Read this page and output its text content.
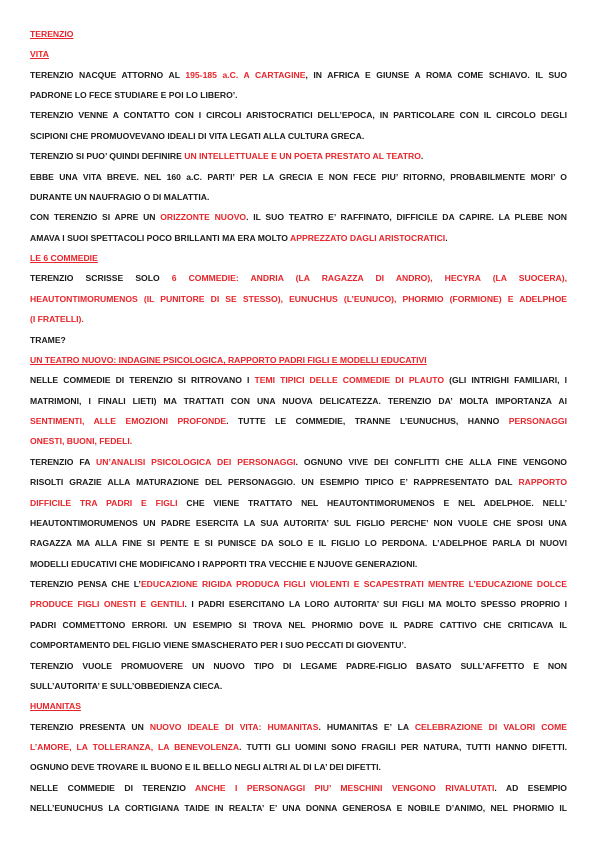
TERENZIO
VITA
TERENZIO NACQUE ATTORNO AL 195-185 a.C. A CARTAGINE, IN AFRICA E GIUNSE A ROMA COME SCHIAVO. IL SUO
PADRONE LO FECE STUDIARE E POI LO LIBERO’.
TERENZIO VENNE A CONTATTO CON I CIRCOLI ARISTOCRATICI DELL’EPOCA, IN PARTICOLARE CON IL CIRCOLO DEGLI
SCIPIONI CHE PROMUOVEVANO IDEALI DI VITA LEGATI ALLA CULTURA GRECA.
TERENZIO SI PUO’ QUINDI DEFINIRE UN INTELLETTUALE E UN POETA PRESTATO AL TEATRO.
EBBE UNA VITA BREVE. NEL 160 a.C. PARTI’ PER LA GRECIA E NON FECE PIU’ RITORNO, PROBABILMENTE MORI’ O
DURANTE UN NAUFRAGIO O DI MALATTIA.
CON TERENZIO SI APRE UN ORIZZONTE NUOVO. IL SUO TEATRO E’ RAFFINATO, DIFFICILE DA CAPIRE. LA PLEBE NON
AMAVA I SUOI SPETTACOLI POCO BRILLANTI MA ERA MOLTO APPREZZATO DAGLI ARISTOCRATICI.
LE 6 COMMEDIE
TERENZIO SCRISSE SOLO 6 COMMEDIE: ANDRIA (LA RAGAZZA DI ANDRO), HECYRA (LA SUOCERA),
HEAUTONTIMORUMENOS (IL PUNITORE DI SE STESSO), EUNUCHUS (L’EUNUCO), PHORMIO (FORMIONE) E ADELPHOE
(I FRATELLI).
TRAME?
UN TEATRO NUOVO: INDAGINE PSICOLOGICA, RAPPORTO PADRI FIGLI E MODELLI EDUCATIVI
NELLE COMMEDIE DI TERENZIO SI RITROVANO I TEMI TIPICI DELLE COMMEDIE DI PLAUTO (GLI INTRIGHI FAMILIARI, I
MATRIMONI, I FINALI LIETI) MA TRATTATI CON UNA NUOVA DELICATEZZA. TERENZIO DA’ MOLTA IMPORTANZA AI
SENTIMENTI, ALLE EMOZIONI PROFONDE. TUTTE LE COMMEDIE, TRANNE L’EUNUCHUS, HANNO PERSONAGGI
ONESTI, BUONI, FEDELI.
TERENZIO FA UN’ANALISI PSICOLOGICA DEI PERSONAGGI. OGNUNO VIVE DEI CONFLITTI CHE ALLA FINE VENGONO
RISOLTI GRAZIE ALLA MATURAZIONE DEL PERSONAGGIO. UN ESEMPIO TIPICO E’ RAPPRESENTATO DAL RAPPORTO
DIFFICILE TRA PADRI E FIGLI CHE VIENE TRATTATO NEL HEAUTONTIMORUMENOS E NEL ADELPHOE. NELL’
HEAUTONTIMORUMENOS UN PADRE ESERCITA LA SUA AUTORITA’ SUL FIGLIO PERCHE’ NON VUOLE CHE SPOSI UNA
RAGAZZA MA ALLA FINE SI PENTE E SI PUNISCE DA SOLO E IL FIGLIO LO PERDONA. L’ADELPHOE PARLA DI NUOVI
MODELLI EDUCATIVI CHE MODIFICANO I RAPPORTI TRA VECCHIE E NJUOVE GENERAZIONI.
TERENZIO PENSA CHE L’EDUCAZIONE RIGIDA PRODUCA FIGLI VIOLENTI E SCAPESTRATI MENTRE L’EDUCAZIONE DOLCE
PRODUCE FIGLI ONESTI E GENTILI. I PADRI ESERCITANO LA LORO AUTORITA’ SUI FIGLI MA MOLTO SPESSO PROPRIO I
PADRI COMMETTONO ERRORI. UN ESEMPIO SI TROVA NEL PHORMIO DOVE IL PADRE CATTIVO CHE CRITICAVA IL
COMPORTAMENTO DEL FIGLIO VIENE SMASCHERATO PER I SUO PECCATI DI GIOVENTU’.
TERENZIO VUOLE PROMUOVERE UN NUOVO TIPO DI LEGAME PADRE-FIGLIO BASATO SULL’AFFETTO E NON
SULL’AUTORITA’ E SULL’OBBEDIENZA CIECA.
HUMANITAS
TERENZIO PRESENTA UN NUOVO IDEALE DI VITA: HUMANITAS. HUMANITAS E’ LA CELEBRAZIONE DI VALORI COME
L’AMORE, LA TOLLERANZA, LA BENEVOLENZA. TUTTI GLI UOMINI SONO FRAGILI PER NATURA, TUTTI HANNO DIFETTI.
OGNUNO DEVE TROVARE IL BUONO E IL BELLO NEGLI ALTRI AL DI LA’ DEI DIFETTI.
NELLE COMMEDIE DI TERENZIO ANCHE I PERSONAGGI PIU’ MESCHINI VENGONO RIVALUTATI. AD ESEMPIO
NELL’EUNUCHUS LA CORTIGIANA TAIDE IN REALTA’ E’ UNA DONNA GENEROSA E NOBILE D’ANIMO, NEL PHORMIO IL
